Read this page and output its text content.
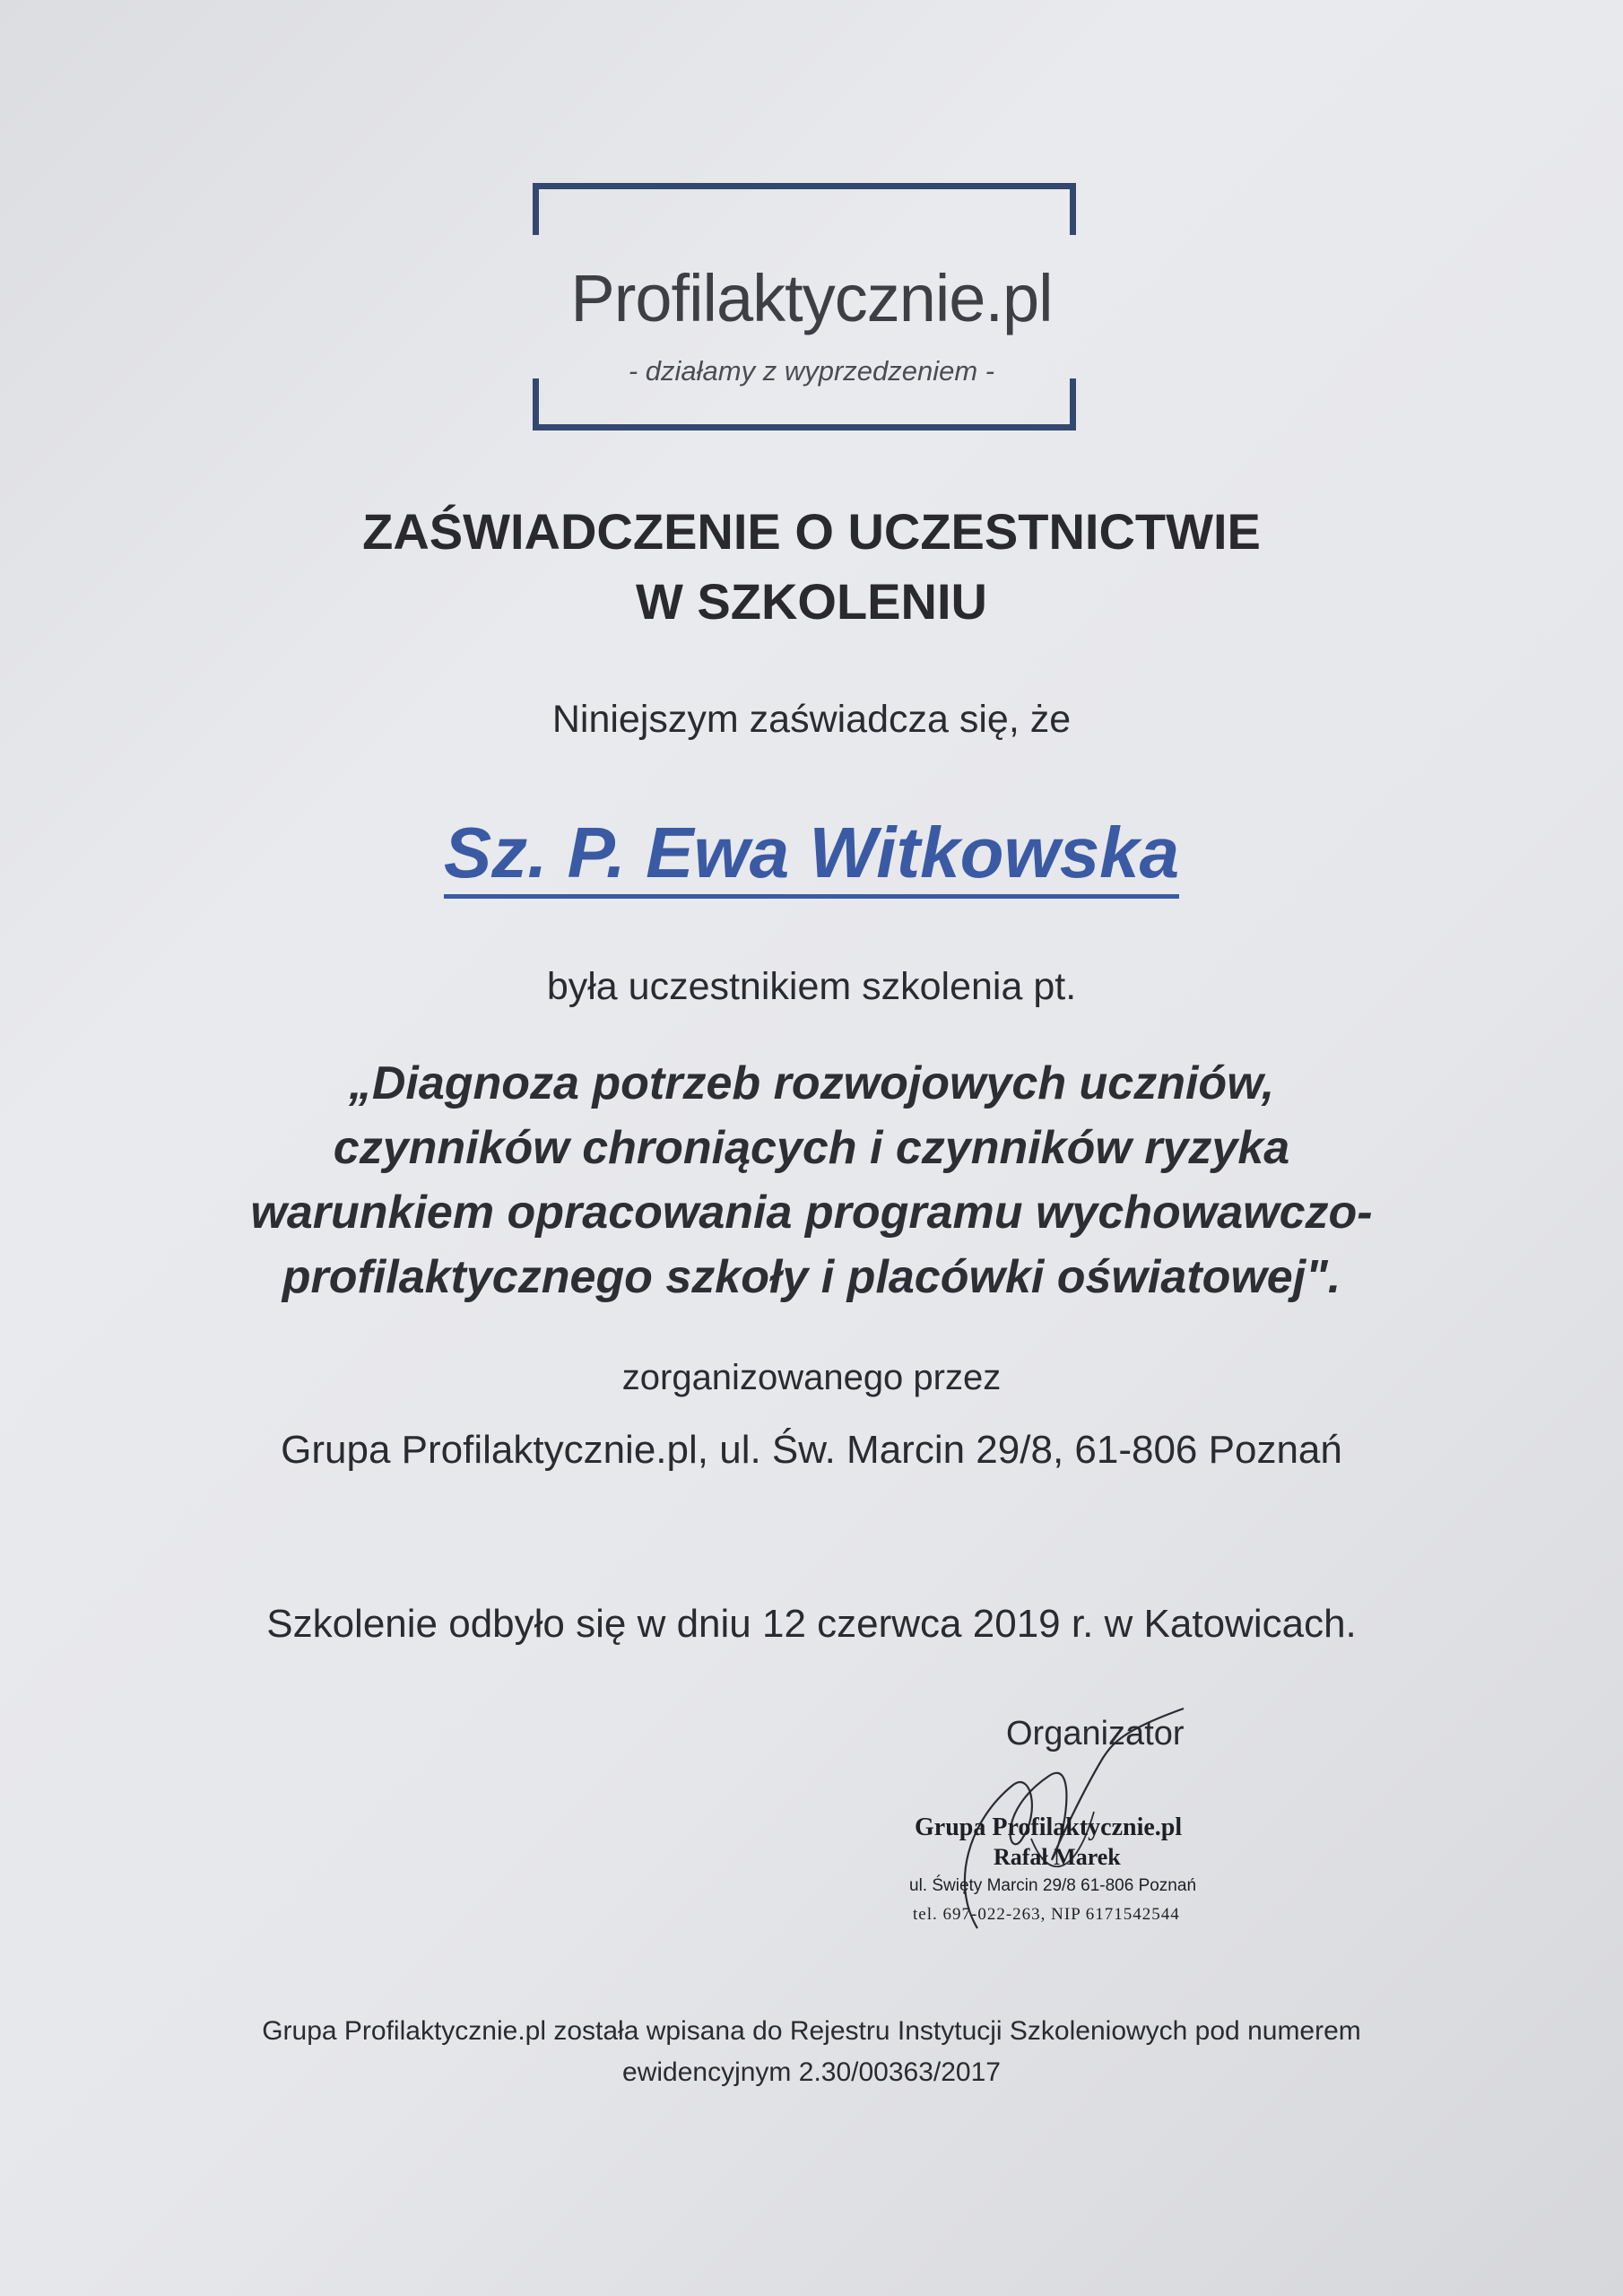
Profilaktycznie.pl
- działamy z wyprzedzeniem -
ZAŚWIADCZENIE O UCZESTNICTWIE
W SZKOLENIU
Niniejszym zaświadcza się, że
Sz. P. Ewa Witkowska
była uczestnikiem szkolenia pt.
„Diagnoza potrzeb rozwojowych uczniów,
czynników chroniących i czynników ryzyka
warunkiem opracowania programu wychowawczo-
profilaktycznego szkoły i placówki oświatowej".
zorganizowanego przez
Grupa Profilaktycznie.pl, ul. Św. Marcin 29/8, 61-806 Poznań
Szkolenie odbyło się w dniu 12 czerwca 2019 r. w Katowicach.
Organizator
Grupa Profilaktycznie.pl
Rafał Marek
ul. Święty Marcin 29/8 61-806 Poznań
tel. 697-022-263, NIP 6171542544
Grupa Profilaktycznie.pl została wpisana do Rejestru Instytucji Szkoleniowych pod numerem
ewidencyjnym 2.30/00363/2017
